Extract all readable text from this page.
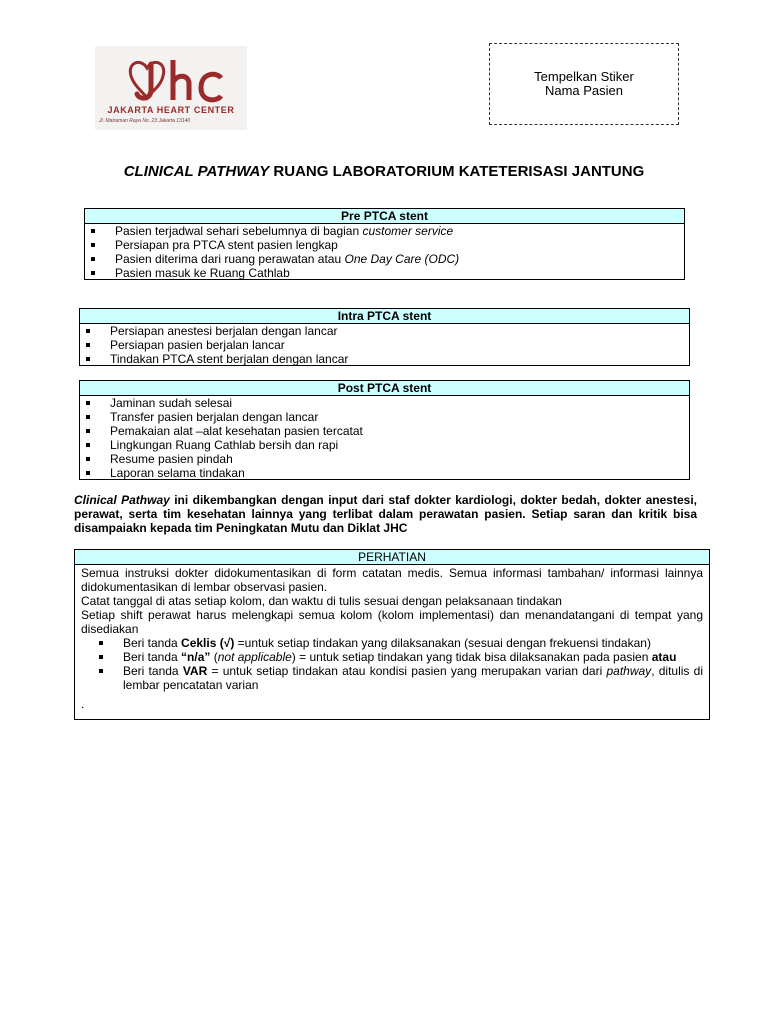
JAKARTA HEART CENTER
Jl. Matraman Raya No. 23 Jakarta 13140
Tempelkan Stiker Nama Pasien
CLINICAL PATHWAY RUANG LABORATORIUM KATETERISASI JANTUNG
Pre PTCA stent
Pasien terjadwal sehari sebelumnya di bagian customer service
Persiapan pra PTCA stent pasien lengkap
Pasien diterima dari ruang perawatan atau One Day Care (ODC)
Pasien masuk ke Ruang Cathlab
Intra PTCA stent
Persiapan anestesi berjalan dengan lancar
Persiapan pasien berjalan lancar
Tindakan PTCA stent berjalan dengan lancar
Post PTCA stent
Jaminan sudah selesai
Transfer pasien berjalan dengan lancar
Pemakaian alat –alat kesehatan pasien tercatat
Lingkungan Ruang Cathlab bersih dan rapi
Resume pasien pindah
Laporan selama tindakan
Clinical Pathway ini dikembangkan dengan input dari staf dokter kardiologi, dokter bedah, dokter anestesi, perawat, serta tim kesehatan lainnya yang terlibat dalam perawatan pasien. Setiap saran dan kritik bisa disampaiakn kepada tim Peningkatan Mutu dan Diklat JHC
PERHATIAN

Semua instruksi dokter didokumentasikan di form catatan medis. Semua informasi tambahan/ informasi lainnya didokumentasikan di lembar observasi pasien.

Catat tanggal di atas setiap kolom, dan waktu di tulis sesuai dengan pelaksanaan tindakan

Setiap shift perawat harus melengkapi semua kolom (kolom implementasi) dan menandatangani di tempat yang disediakan

Beri tanda Ceklis (√) =untuk setiap tindakan yang dilaksanakan (sesuai dengan frekuensi tindakan)
Beri tanda “n/a” (not applicable) = untuk setiap tindakan yang tidak bisa dilaksanakan pada pasien atau
Beri tanda VAR = untuk setiap tindakan atau kondisi pasien yang merupakan varian dari pathway, ditulis di lembar pencatatan varian
.
